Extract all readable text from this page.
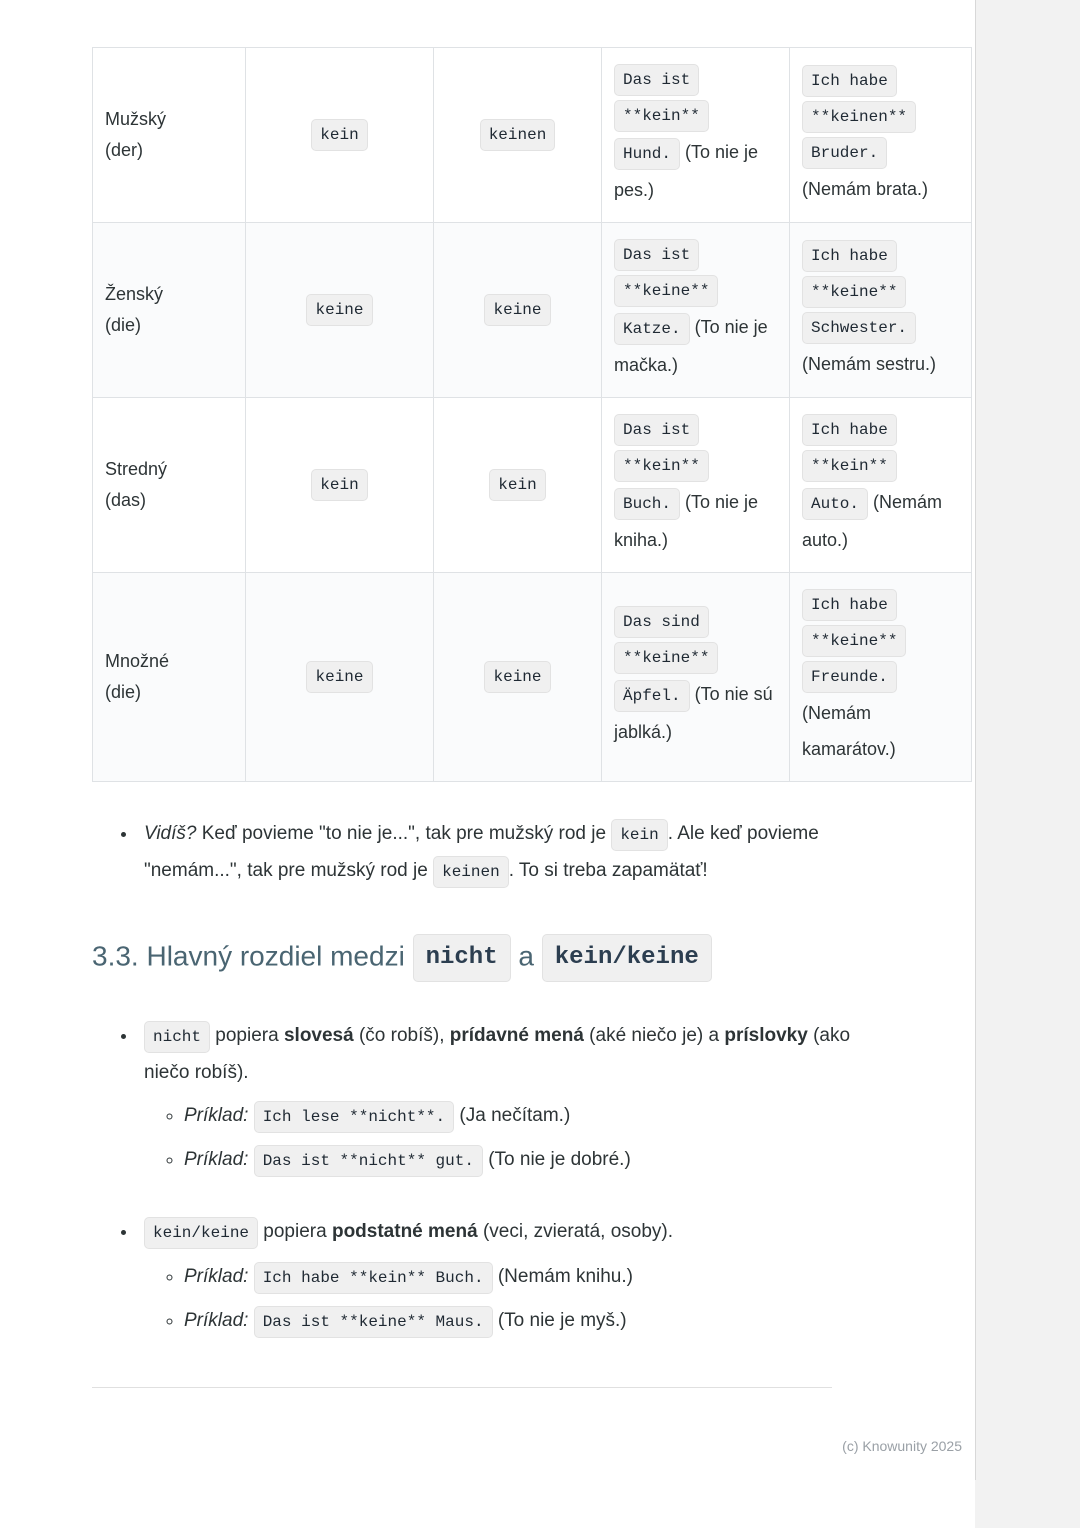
Mužský
(der)	kein	keinen	Das ist **kein** Hund. (To nie je pes.)	Ich habe **keinen** Bruder. (Nemám brata.)

Ženský
(die)	keine	keine	Das ist **keine** Katze. (To nie je mačka.)	Ich habe **keine** Schwester. (Nemám sestru.)

Stredný
(das)	kein	kein	Das ist **kein** Buch. (To nie je kniha.)	Ich habe **kein** Auto. (Nemám auto.)

Množné
(die)	keine	keine	Das sind **keine** Äpfel. (To nie sú jablká.)	Ich habe **keine** Freunde. (Nemám kamarátov.)
• Vidíš? Keď povieme "to nie je...", tak pre mužský rod je kein . Ale keď povieme "nemám...", tak pre mužský rod je keinen . To si treba zapamätať!
3.3. Hlavný rozdiel medzi nicht a kein/keine
• nicht popiera slovesá (čo robíš), prídavné mená (aké niečo je) a príslovky (ako niečo robíš).
◦ Príklad: Ich lese **nicht**. (Ja nečítam.)
◦ Príklad: Das ist **nicht** gut. (To nie je dobré.)
• kein/keine popiera podstatné mená (veci, zvieratá, osoby).
◦ Príklad: Ich habe **kein** Buch. (Nemám knihu.)
◦ Príklad: Das ist **keine** Maus. (To nie je myš.)
(c) Knowunity 2025
